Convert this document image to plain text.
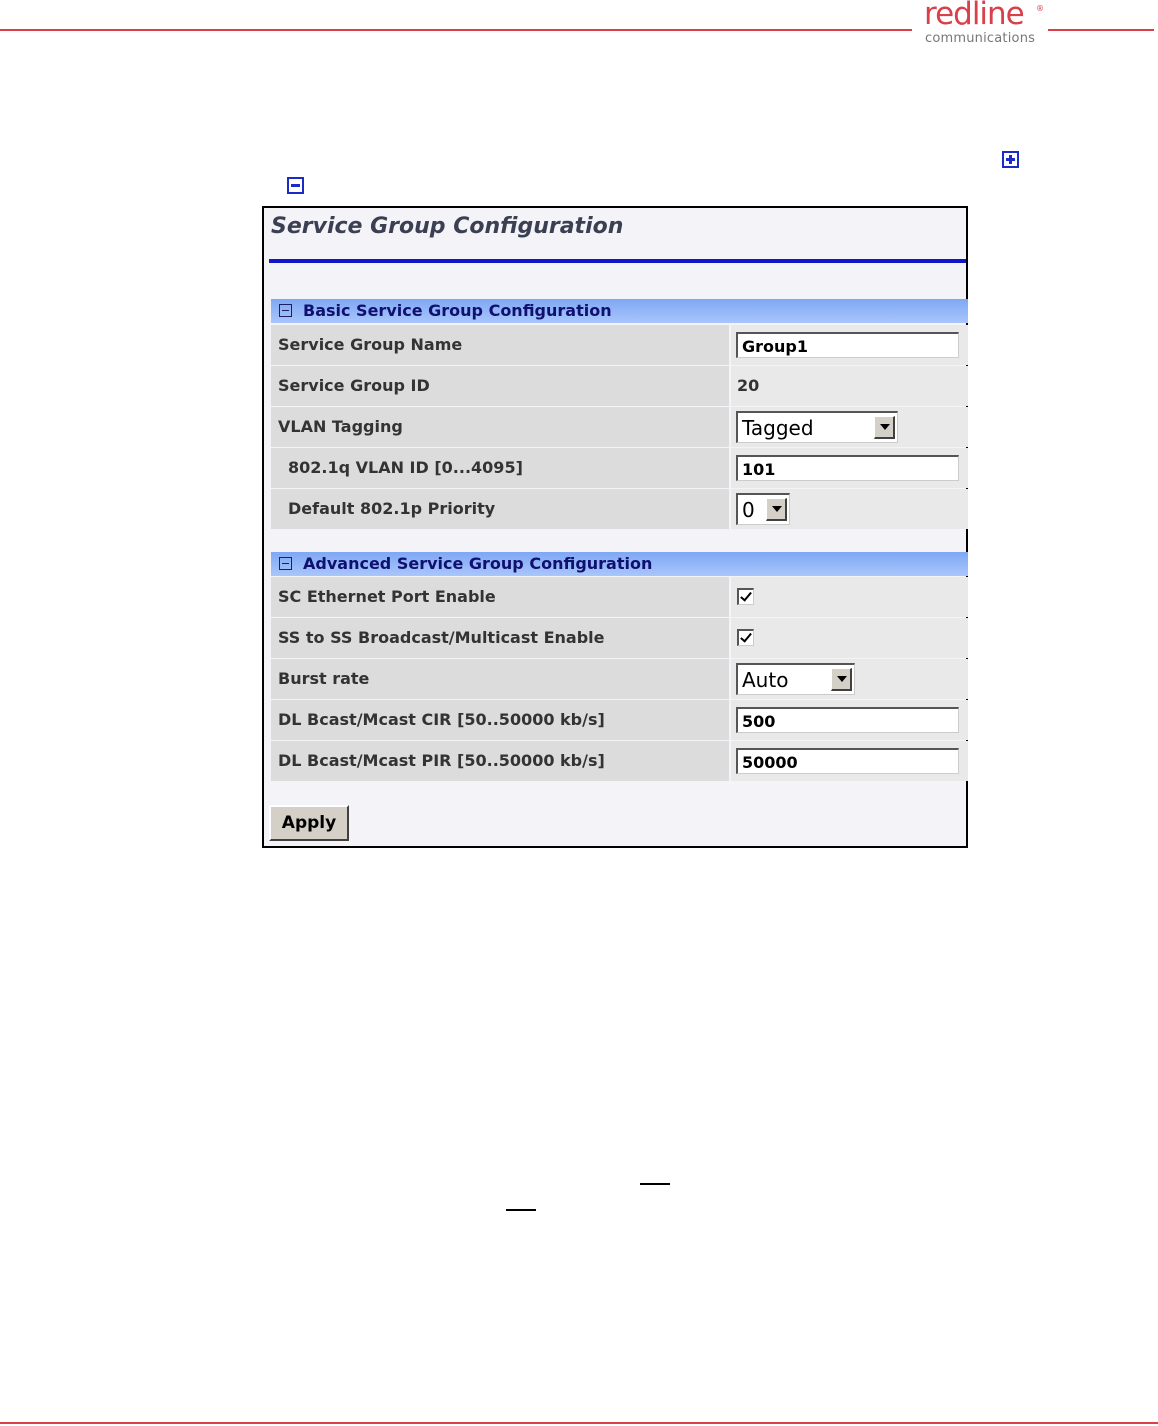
redline ®
communications
Service Group Configuration
Basic Service Group Configuration
Service Group Name	Group1
Service Group ID	20
VLAN Tagging	Tagged
802.1q VLAN ID [0...4095]	101
Default 802.1p Priority	0
Advanced Service Group Configuration
SC Ethernet Port Enable
SS to SS Broadcast/Multicast Enable
Burst rate	Auto
DL Bcast/Mcast CIR [50..50000 kb/s]	500
DL Bcast/Mcast PIR [50..50000 kb/s]	50000
Apply
